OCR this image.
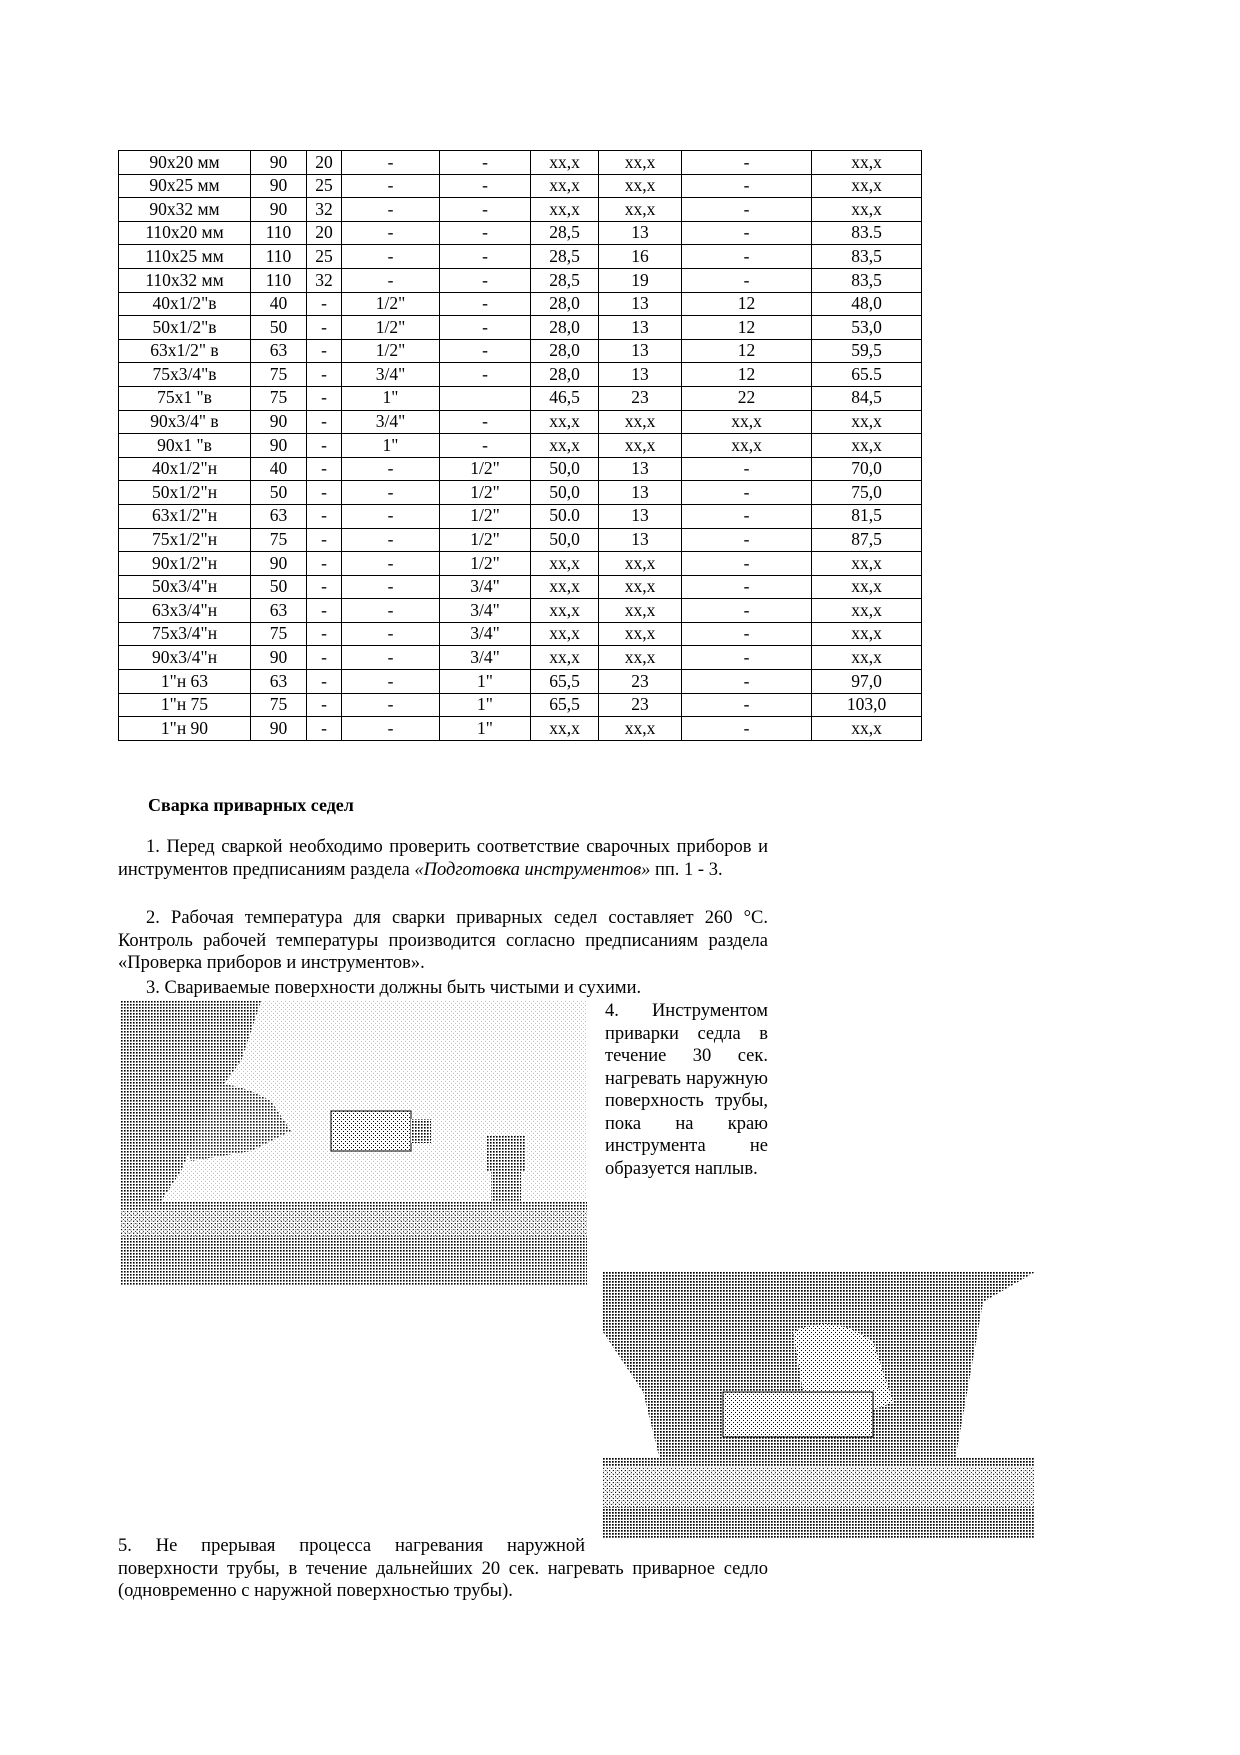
90x20 мм	90	20	-	-	xx,x	xx,x	-	xx,x
90x25 мм	90	25	-	-	xx,x	xx,x	-	xx,x
90x32 мм	90	32	-	-	xx,x	xx,x	-	xx,x
110x20 мм	110	20	-	-	28,5	13	-	83.5
110x25 мм	110	25	-	-	28,5	16	-	83,5
110x32 мм	110	32	-	-	28,5	19	-	83,5
40x1/2"в	40	-	1/2"	-	28,0	13	12	48,0
50x1/2"в	50	-	1/2"	-	28,0	13	12	53,0
63x1/2" в	63	-	1/2"	-	28,0	13	12	59,5
75x3/4"в	75	-	3/4"	-	28,0	13	12	65.5
75x1 "в	75	-	1"		46,5	23	22	84,5
90x3/4" в	90	-	3/4"	-	xx,x	xx,x	xx,x	xx,x
90x1 "в	90	-	1"	-	xx,x	xx,x	xx,x	xx,x
40x1/2"н	40	-	-	1/2"	50,0	13	-	70,0
50x1/2"н	50	-	-	1/2"	50,0	13	-	75,0
63x1/2"н	63	-	-	1/2"	50.0	13	-	81,5
75x1/2"н	75	-	-	1/2"	50,0	13	-	87,5
90x1/2"н	90	-	-	1/2"	xx,x	xx,x	-	xx,x
50x3/4"н	50	-	-	3/4"	xx,x	xx,x	-	xx,x
63x3/4"н	63	-	-	3/4"	xx,x	xx,x	-	xx,x
75x3/4"н	75	-	-	3/4"	xx,x	xx,x	-	xx,x
90x3/4"н	90	-	-	3/4"	xx,x	xx,x	-	xx,x
1"н 63	63	-	-	1"	65,5	23	-	97,0
1"н 75	75	-	-	1"	65,5	23	-	103,0
1"н 90	90	-	-	1"	xx,x	xx,x	-	xx,x
Сварка приварных седел

1. Перед сваркой необходимо проверить соответствие сварочных приборов и инструментов предписаниям раздела «Подготовка инструментов» пп. 1 - 3.

2. Рабочая температура для сварки приварных седел составляет 260 °С. Контроль рабочей температуры производится согласно предписаниям раздела «Проверка приборов и инструментов».

3. Свариваемые поверхности должны быть чистыми и сухими.

4. Инструментом приварки седла в течение 30 сек. нагревать наружную поверхность трубы, пока на краю инструмента не образуется наплыв.

5. Не прерывая процесса нагревания наружной
поверхности трубы, в течение дальнейших 20 сек. нагревать приварное седло (одновременно с наружной поверхностью трубы).
